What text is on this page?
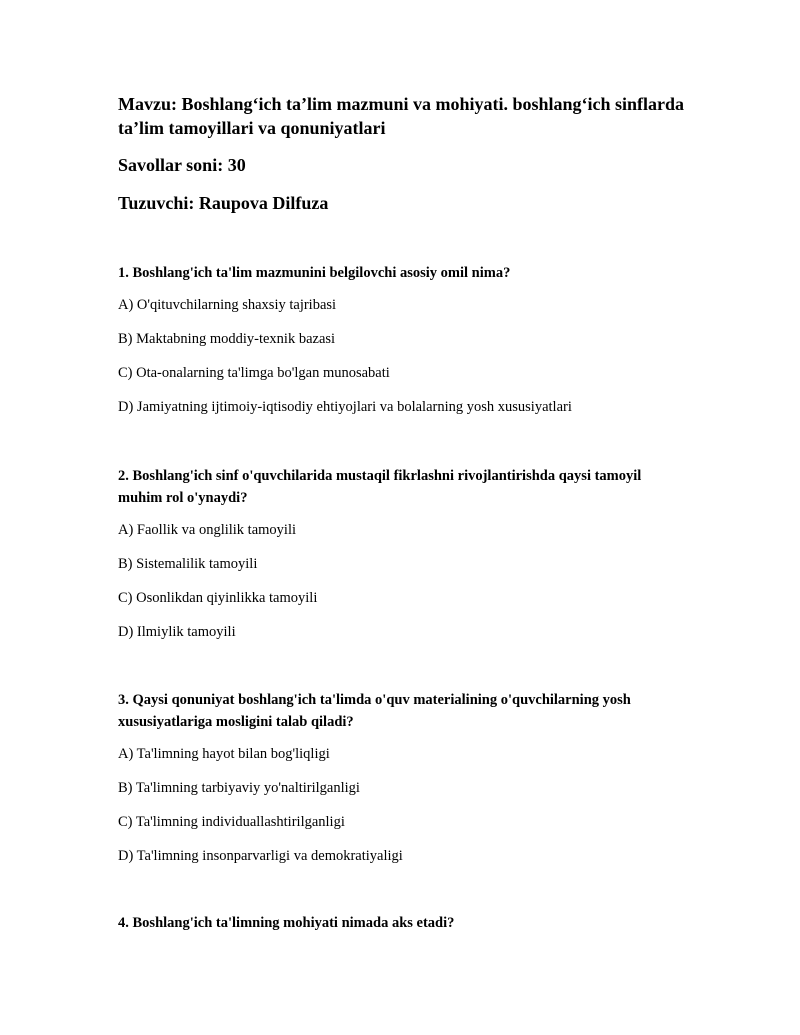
Mavzu: Boshlang‘ich ta’lim mazmuni va mohiyati. boshlang‘ich sinflarda ta’lim tamoyillari va qonuniyatlari

Savollar soni: 30

Tuzuvchi: Raupova Dilfuza

1. Boshlang'ich ta'lim mazmunini belgilovchi asosiy omil nima?

A) O'qituvchilarning shaxsiy tajribasi

B) Maktabning moddiy-texnik bazasi

C) Ota-onalarning ta'limga bo'lgan munosabati

D) Jamiyatning ijtimoiy-iqtisodiy ehtiyojlari va bolalarning yosh xususiyatlari

2. Boshlang'ich sinf o'quvchilarida mustaqil fikrlashni rivojlantirishda qaysi tamoyil muhim rol o'ynaydi?

A) Faollik va onglilik tamoyili

B) Sistemalilik tamoyili

C) Osonlikdan qiyinlikka tamoyili

D) Ilmiylik tamoyili

3. Qaysi qonuniyat boshlang'ich ta'limda o'quv materialining o'quvchilarning yosh xususiyatlariga mosligini talab qiladi?

A) Ta'limning hayot bilan bog'liqligi

B) Ta'limning tarbiyaviy yo'naltirilganligi

C) Ta'limning individuallashtirilganligi

D) Ta'limning insonparvarligi va demokratiyaligi

4. Boshlang'ich ta'limning mohiyati nimada aks etadi?
